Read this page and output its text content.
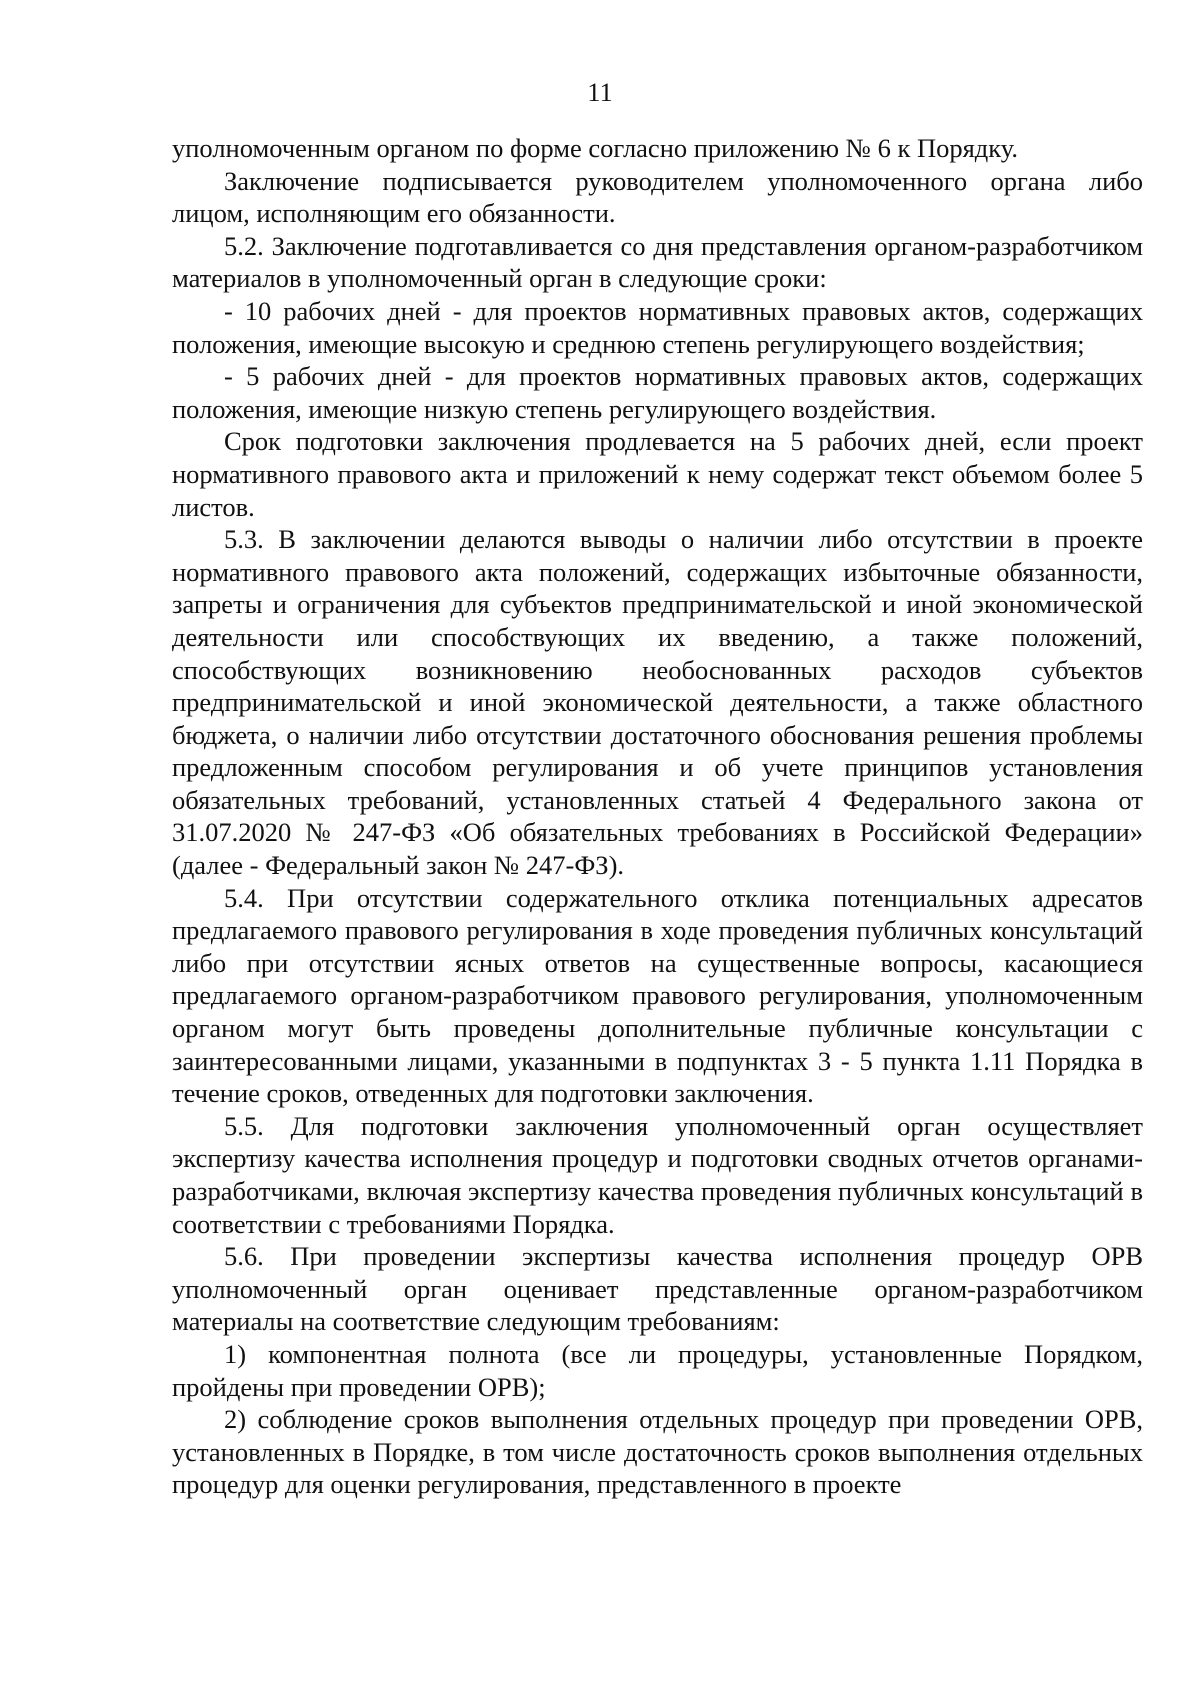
11

уполномоченным органом по форме согласно приложению № 6 к Порядку.

Заключение подписывается руководителем уполномоченного органа либо лицом, исполняющим его обязанности.

5.2. Заключение подготавливается со дня представления органом-разработчиком материалов в уполномоченный орган в следующие сроки:

- 10 рабочих дней - для проектов нормативных правовых актов, содержащих положения, имеющие высокую и среднюю степень регулирующего воздействия;

- 5 рабочих дней - для проектов нормативных правовых актов, содержащих положения, имеющие низкую степень регулирующего воздействия.

Срок подготовки заключения продлевается на 5 рабочих дней, если проект нормативного правового акта и приложений к нему содержат текст объемом более 5 листов.

5.3. В заключении делаются выводы о наличии либо отсутствии в проекте нормативного правового акта положений, содержащих избыточные обязанности, запреты и ограничения для субъектов предпринимательской и иной экономической деятельности или способствующих их введению, а также положений, способствующих возникновению необоснованных расходов субъектов предпринимательской и иной экономической деятельности, а также областного бюджета, о наличии либо отсутствии достаточного обоснования решения проблемы предложенным способом регулирования и об учете принципов установления обязательных требований, установленных статьей 4 Федерального закона от 31.07.2020 № 247-ФЗ «Об обязательных требованиях в Российской Федерации» (далее - Федеральный закон № 247-ФЗ).

5.4. При отсутствии содержательного отклика потенциальных адресатов предлагаемого правового регулирования в ходе проведения публичных консультаций либо при отсутствии ясных ответов на существенные вопросы, касающиеся предлагаемого органом-разработчиком правового регулирования, уполномоченным органом могут быть проведены дополнительные публичные консультации с заинтересованными лицами, указанными в подпунктах 3 - 5 пункта 1.11 Порядка в течение сроков, отведенных для подготовки заключения.

5.5. Для подготовки заключения уполномоченный орган осуществляет экспертизу качества исполнения процедур и подготовки сводных отчетов органами-разработчиками, включая экспертизу качества проведения публичных консультаций в соответствии с требованиями Порядка.

5.6. При проведении экспертизы качества исполнения процедур ОРВ уполномоченный орган оценивает представленные органом-разработчиком материалы на соответствие следующим требованиям:

1) компонентная полнота (все ли процедуры, установленные Порядком, пройдены при проведении ОРВ);

2) соблюдение сроков выполнения отдельных процедур при проведении ОРВ, установленных в Порядке, в том числе достаточность сроков выполнения отдельных процедур для оценки регулирования, представленного в проекте
